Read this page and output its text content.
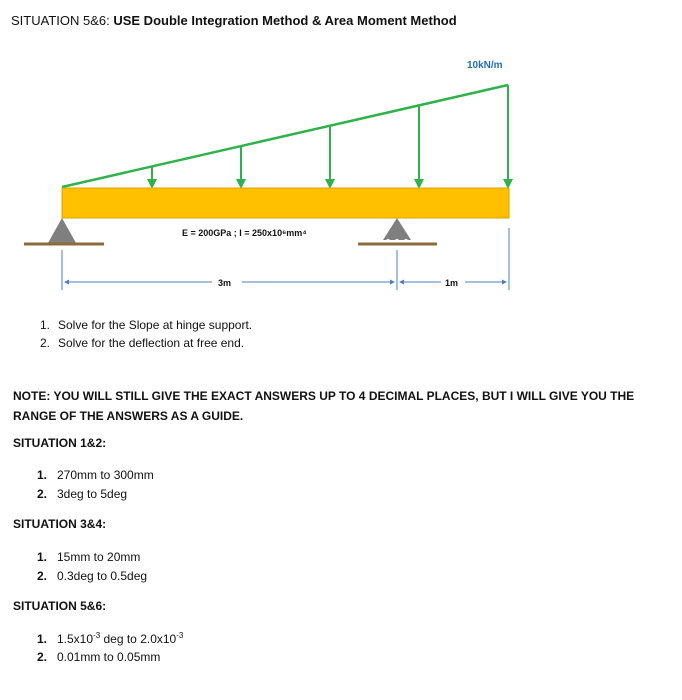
SITUATION 5&6: USE Double Integration Method & Area Moment Method
10kN/m
E = 200GPa ; I = 250x10⁶mm⁴
3m	1m
1. Solve for the Slope at hinge support.
2. Solve for the deflection at free end.
NOTE: YOU WILL STILL GIVE THE EXACT ANSWERS UP TO 4 DECIMAL PLACES, BUT I WILL GIVE YOU THE RANGE OF THE ANSWERS AS A GUIDE.
SITUATION 1&2:
1. 270mm to 300mm
2. 3deg to 5deg
SITUATION 3&4:
1. 15mm to 20mm
2. 0.3deg to 0.5deg
SITUATION 5&6:
1. $1.5x10^{-3}$ deg to $2.0x10^{-3}$
2. 0.01mm to 0.05mm
